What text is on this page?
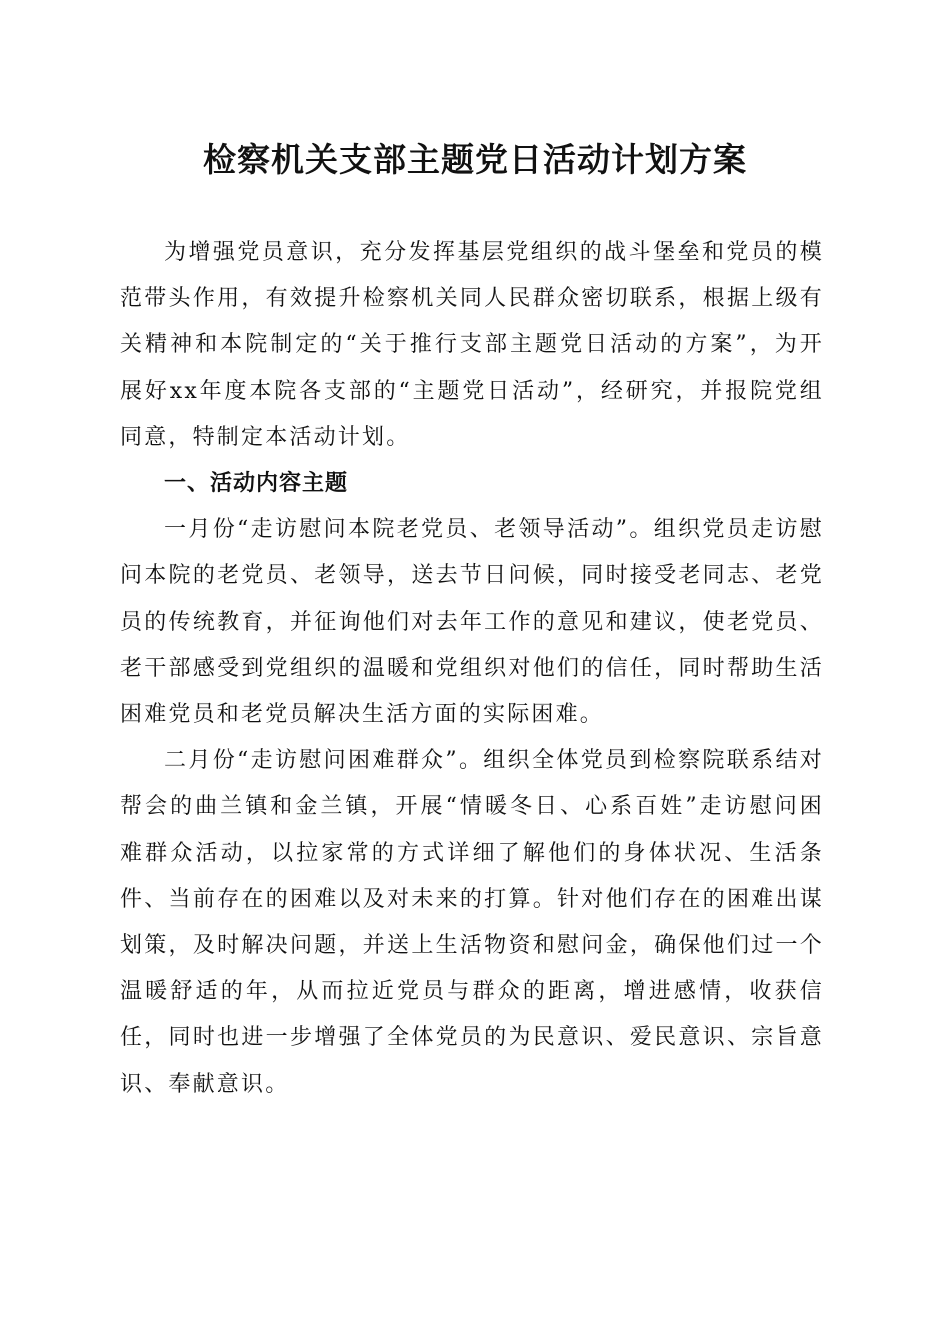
检察机关支部主题党日活动计划方案

为增强党员意识，充分发挥基层党组织的战斗堡垒和党员的模范带头作用，有效提升检察机关同人民群众密切联系，根据上级有关精神和本院制定的“关于推行支部主题党日活动的方案”，为开展好xx年度本院各支部的“主题党日活动”，经研究，并报院党组同意，特制定本活动计划。

一、活动内容主题

一月份“走访慰问本院老党员、老领导活动”。组织党员走访慰问本院的老党员、老领导，送去节日问候，同时接受老同志、老党员的传统教育，并征询他们对去年工作的意见和建议，使老党员、老干部感受到党组织的温暖和党组织对他们的信任，同时帮助生活困难党员和老党员解决生活方面的实际困难。

二月份“走访慰问困难群众”。组织全体党员到检察院联系结对帮会的曲兰镇和金兰镇，开展“情暖冬日、心系百姓”走访慰问困难群众活动，以拉家常的方式详细了解他们的身体状况、生活条件、当前存在的困难以及对未来的打算。针对他们存在的困难出谋划策，及时解决问题，并送上生活物资和慰问金，确保他们过一个温暖舒适的年，从而拉近党员与群众的距离，增进感情，收获信任，同时也进一步增强了全体党员的为民意识、爱民意识、宗旨意识、奉献意识。
